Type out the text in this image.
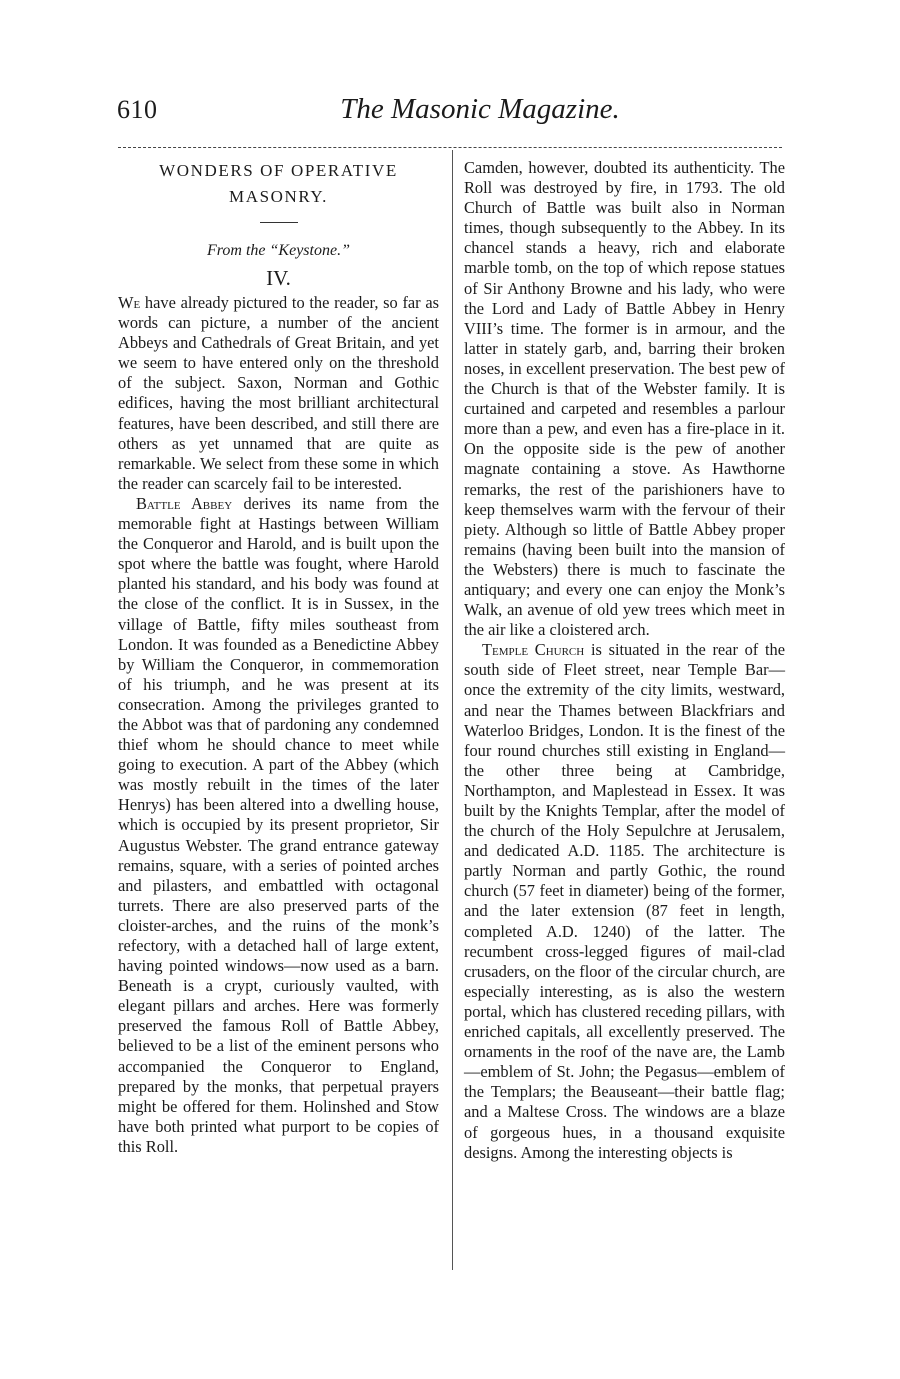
610	The Masonic Magazine.
WONDERS OF OPERATIVE MASONRY.

From the “Keystone.”

IV.

We have already pictured to the reader, so far as words can picture, a number of the ancient Abbeys and Cathedrals of Great Britain, and yet we seem to have entered only on the threshold of the subject. Saxon, Norman and Gothic edifices, having the most brilliant architectural features, have been described, and still there are others as yet unnamed that are quite as remarkable. We select from these some in which the reader can scarcely fail to be interested.

Battle Abbey derives its name from the memorable fight at Hastings between William the Conqueror and Harold, and is built upon the spot where the battle was fought, where Harold planted his standard, and his body was found at the close of the conflict. It is in Sussex, in the village of Battle, fifty miles southeast from London. It was founded as a Benedictine Abbey by William the Conqueror, in commemoration of his triumph, and he was present at its consecration. Among the privileges granted to the Abbot was that of pardoning any condemned thief whom he should chance to meet while going to execution. A part of the Abbey (which was mostly rebuilt in the times of the later Henrys) has been altered into a dwelling house, which is occupied by its present proprietor, Sir Augustus Webster. The grand entrance gateway remains, square, with a series of pointed arches and pilasters, and embattled with octagonal turrets. There are also preserved parts of the cloister-arches, and the ruins of the monk’s refectory, with a detached hall of large extent, having pointed windows—now used as a barn. Beneath is a crypt, curiously vaulted, with elegant pillars and arches. Here was formerly preserved the famous Roll of Battle Abbey, believed to be a list of the eminent persons who accompanied the Conqueror to England, prepared by the monks, that perpetual prayers might be offered for them. Holinshed and Stow have both printed what purport to be copies of this Roll.

Camden, however, doubted its authenticity. The Roll was destroyed by fire, in 1793. The old Church of Battle was built also in Norman times, though subsequently to the Abbey. In its chancel stands a heavy, rich and elaborate marble tomb, on the top of which repose statues of Sir Anthony Browne and his lady, who were the Lord and Lady of Battle Abbey in Henry VIII’s time. The former is in armour, and the latter in stately garb, and, barring their broken noses, in excellent preservation. The best pew of the Church is that of the Webster family. It is curtained and carpeted and resembles a parlour more than a pew, and even has a fire-place in it. On the opposite side is the pew of another magnate containing a stove. As Hawthorne remarks, the rest of the parishioners have to keep themselves warm with the fervour of their piety. Although so little of Battle Abbey proper remains (having been built into the mansion of the Websters) there is much to fascinate the antiquary; and every one can enjoy the Monk’s Walk, an avenue of old yew trees which meet in the air like a cloistered arch.

Temple Church is situated in the rear of the south side of Fleet street, near Temple Bar—once the extremity of the city limits, westward, and near the Thames between Blackfriars and Waterloo Bridges, London. It is the finest of the four round churches still existing in England—the other three being at Cambridge, Northampton, and Maplestead in Essex. It was built by the Knights Templar, after the model of the church of the Holy Sepulchre at Jerusalem, and dedicated A.D. 1185. The architecture is partly Norman and partly Gothic, the round church (57 feet in diameter) being of the former, and the later extension (87 feet in length, completed A.D. 1240) of the latter. The recumbent cross-legged figures of mail-clad crusaders, on the floor of the circular church, are especially interesting, as is also the western portal, which has clustered receding pillars, with enriched capitals, all excellently preserved. The ornaments in the roof of the nave are, the Lamb—emblem of St. John; the Pegasus—emblem of the Templars; the Beauseant—their battle flag; and a Maltese Cross. The windows are a blaze of gorgeous hues, in a thousand exquisite designs. Among the interesting objects is
